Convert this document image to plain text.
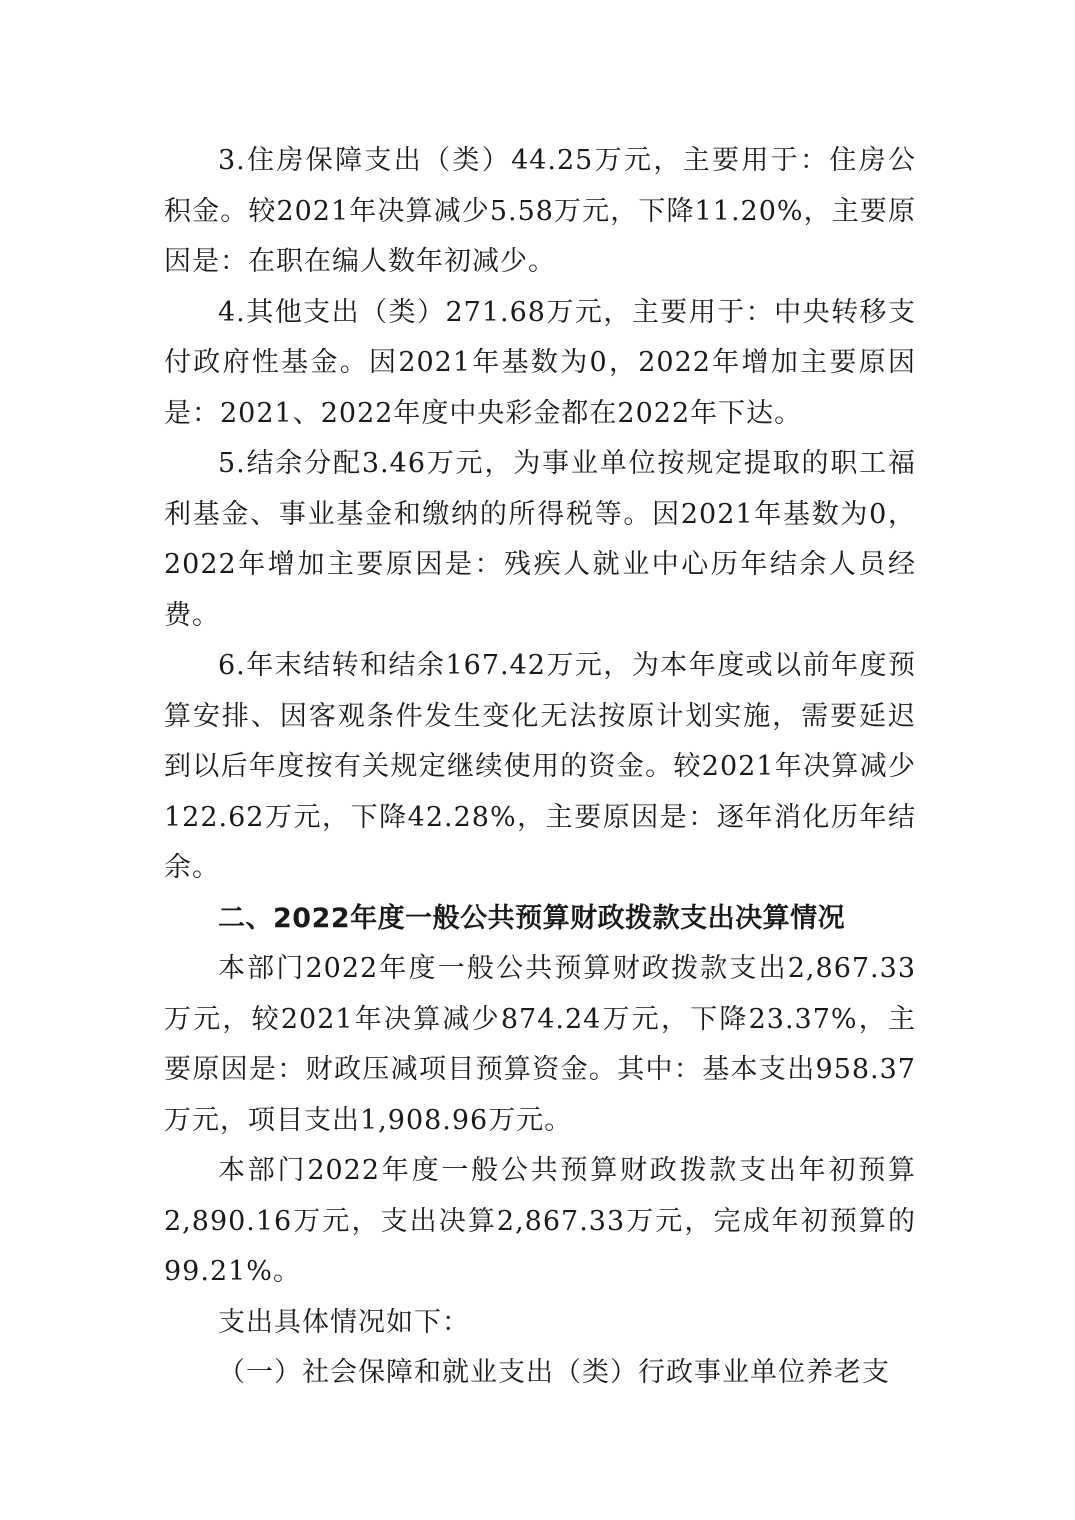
3.住房保障支出（类）44.25万元，主要用于：住房公积金。较2021年决算减少5.58万元，下降11.20%，主要原因是：在职在编人数年初减少。

4.其他支出（类）271.68万元，主要用于：中央转移支付政府性基金。因2021年基数为0，2022年增加主要原因是：2021、2022年度中央彩金都在2022年下达。

5.结余分配3.46万元，为事业单位按规定提取的职工福利基金、事业基金和缴纳的所得税等。因2021年基数为0，2022年增加主要原因是：残疾人就业中心历年结余人员经费。

6.年末结转和结余167.42万元，为本年度或以前年度预算安排、因客观条件发生变化无法按原计划实施，需要延迟到以后年度按有关规定继续使用的资金。较2021年决算减少122.62万元，下降42.28%，主要原因是：逐年消化历年结余。

二、2022年度一般公共预算财政拨款支出决算情况

本部门2022年度一般公共预算财政拨款支出2,867.33万元，较2021年决算减少874.24万元，下降23.37%，主要原因是：财政压减项目预算资金。其中：基本支出958.37万元，项目支出1,908.96万元。

本部门2022年度一般公共预算财政拨款支出年初预算2,890.16万元，支出决算2,867.33万元，完成年初预算的99.21%。

支出具体情况如下：

（一）社会保障和就业支出（类）行政事业单位养老支
